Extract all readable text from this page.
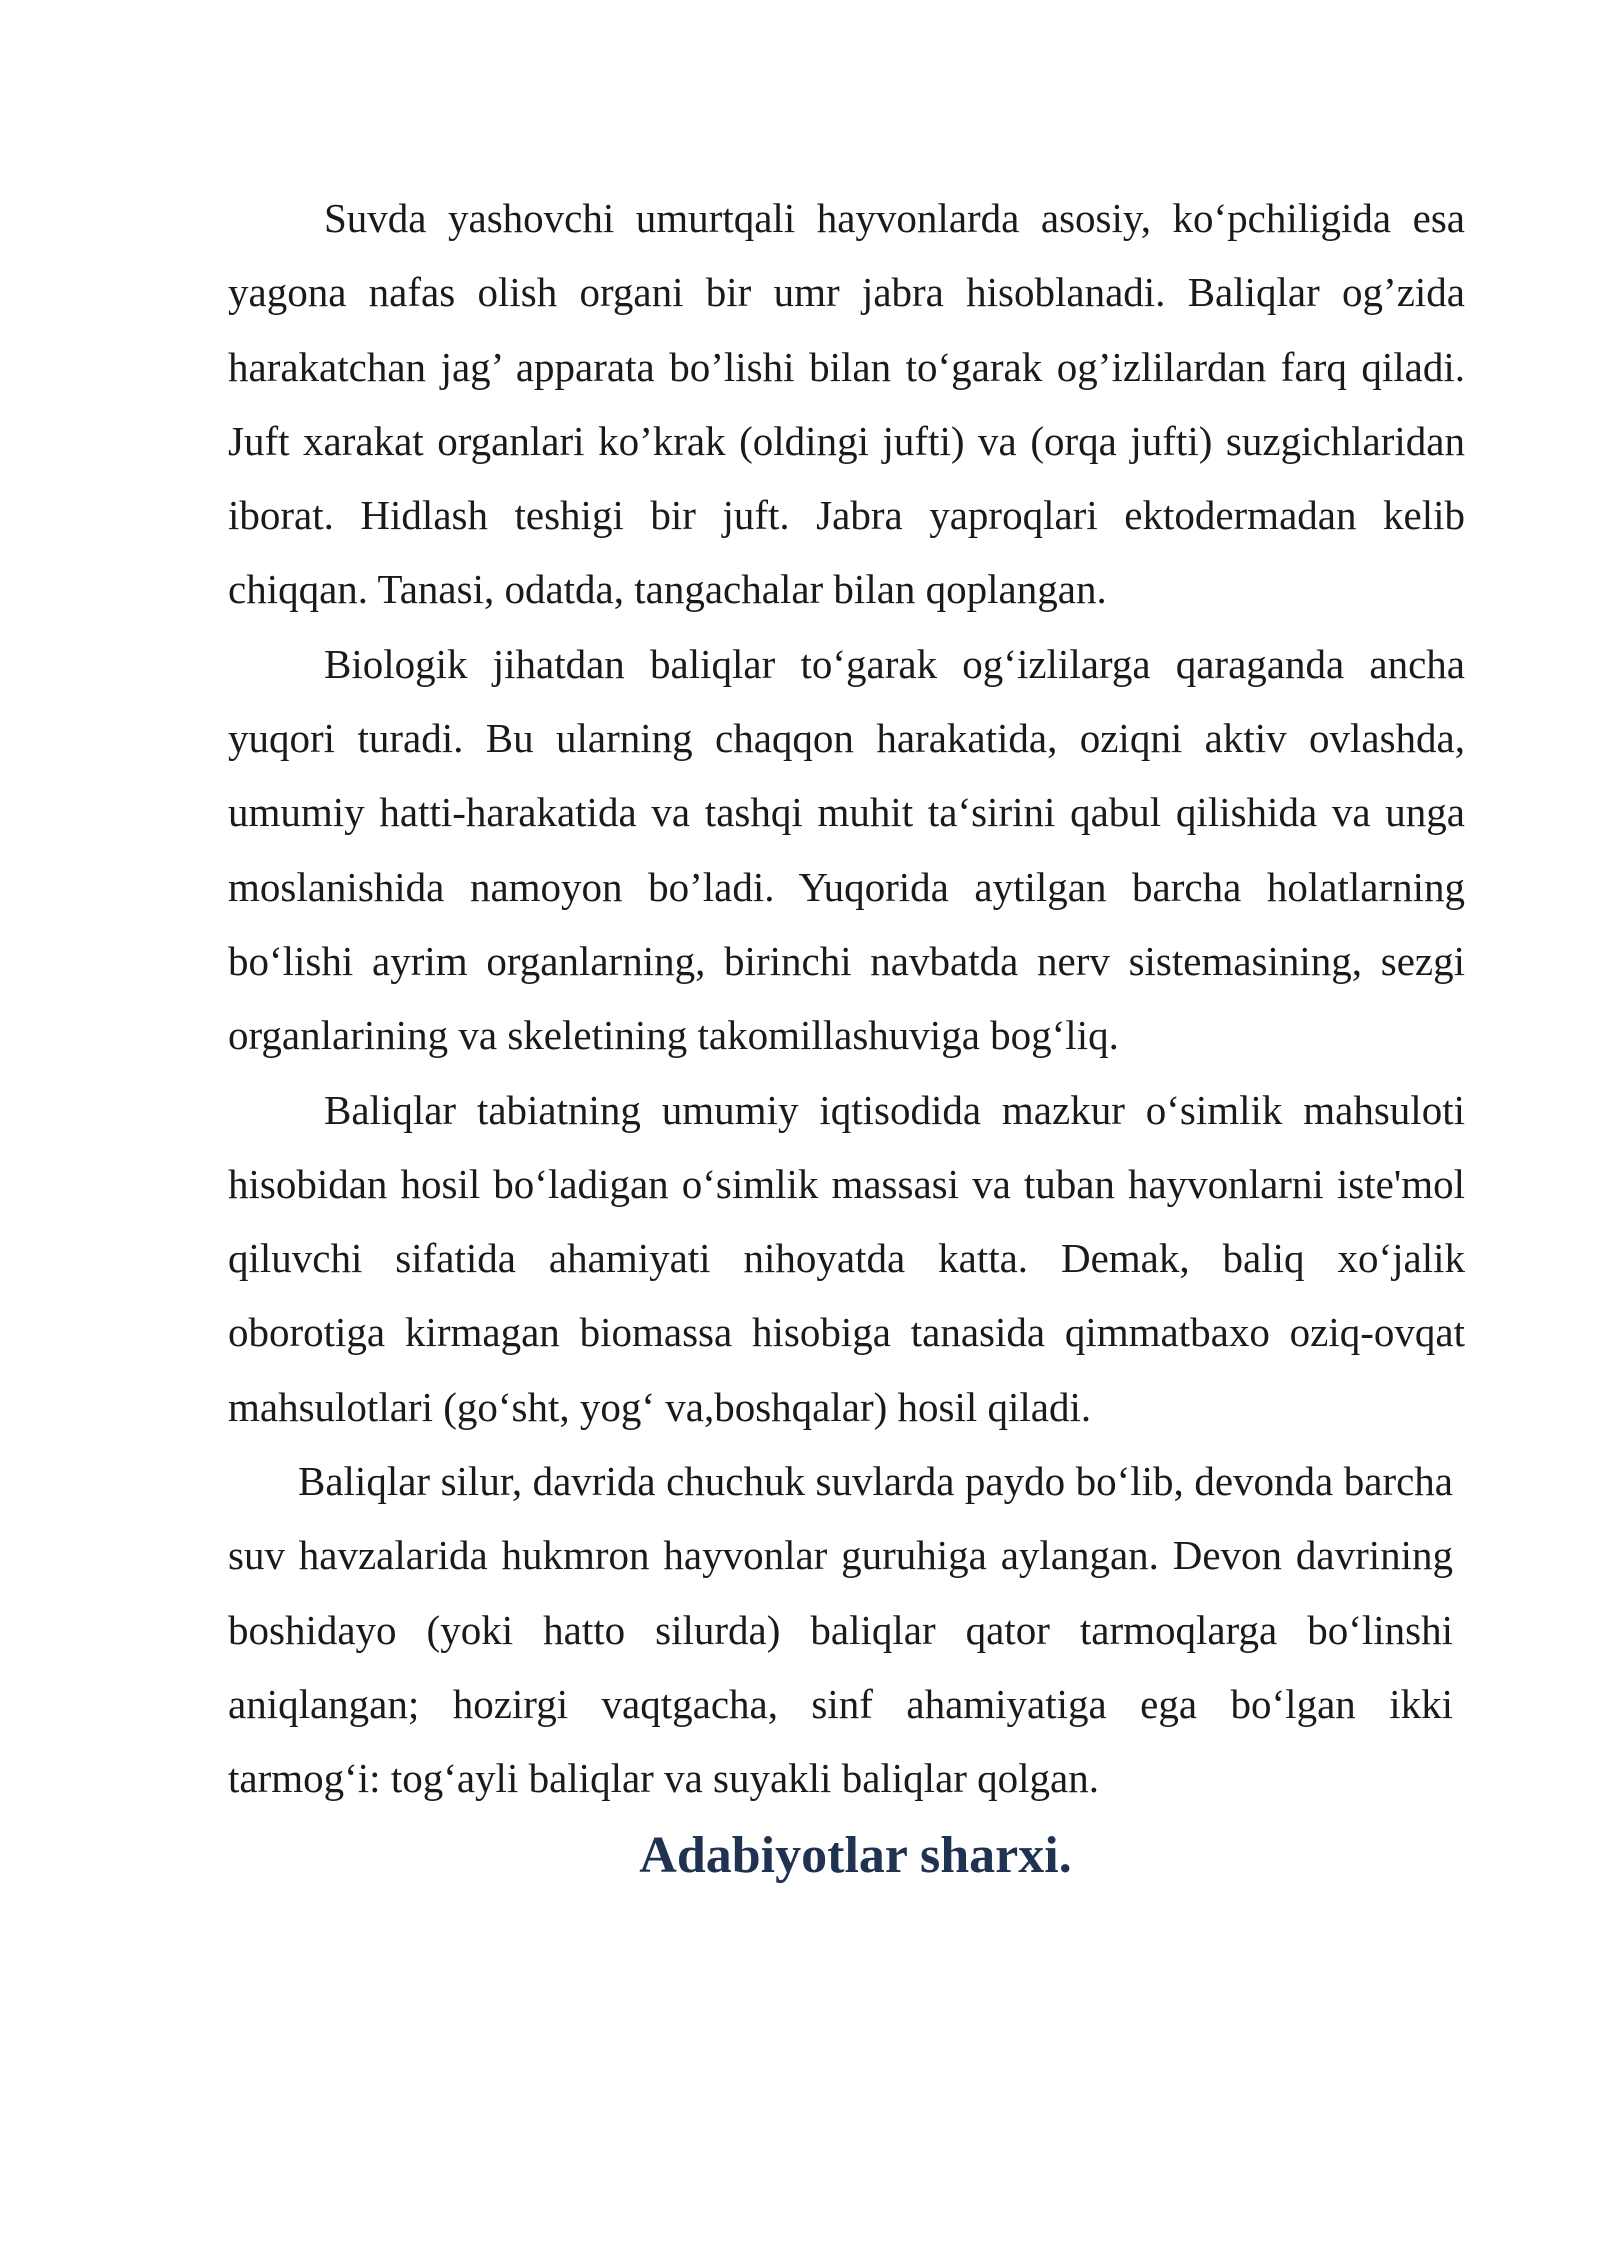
Suvda yashovchi umurtqali hayvonlarda asosiy, ko‘pchiligida esa yagona nafas olish organi bir umr jabra hisoblanadi. Baliqlar og’zida harakatchan jag’ apparata bo’lishi bilan to‘garak og’izlilardan farq qiladi. Juft xarakat organlari ko’krak (oldingi jufti) va (orqa jufti) suzgichlaridan iborat. Hidlash teshigi bir juft. Jabra yaproqlari ektodermadan kelib chiqqan. Tanasi, odatda, tangachalar bilan qoplangan.

Biologik jihatdan baliqlar to‘garak og‘izlilarga qaraganda ancha yuqori turadi. Bu ularning chaqqon harakatida, oziqni aktiv ovlashda, umumiy hatti-harakatida va tashqi muhit ta‘sirini qabul qilishida va unga moslanishida namoyon bo’ladi. Yuqorida aytilgan barcha holatlarning bo‘lishi ayrim organlarning, birinchi navbatda nerv sistemasining, sezgi organlarining va skeletining takomillashuviga bog‘liq.

Baliqlar tabiatning umumiy iqtisodida mazkur o‘simlik mahsuloti hisobidan hosil bo‘ladigan o‘simlik massasi va tuban hayvonlarni iste'mol qiluvchi sifatida ahamiyati nihoyatda katta. Demak, baliq xo‘jalik oborotiga kirmagan biomassa hisobiga tanasida qimmatbaxo oziq-ovqat mahsulotlari (go‘sht, yog‘ va,boshqalar) hosil qiladi.

Baliqlar silur, davrida chuchuk suvlarda paydo bo‘lib, devonda barcha suv havzalarida hukmron hayvonlar guruhiga aylangan. Devon davrining boshidayo (yoki hatto silurda) baliqlar qator tarmoqlarga bo‘linshi aniqlangan; hozirgi vaqtgacha, sinf ahamiyatiga ega bo‘lgan ikki tarmog‘i: tog‘ayli baliqlar va suyakli baliqlar qolgan.

Adabiyotlar sharxi.
